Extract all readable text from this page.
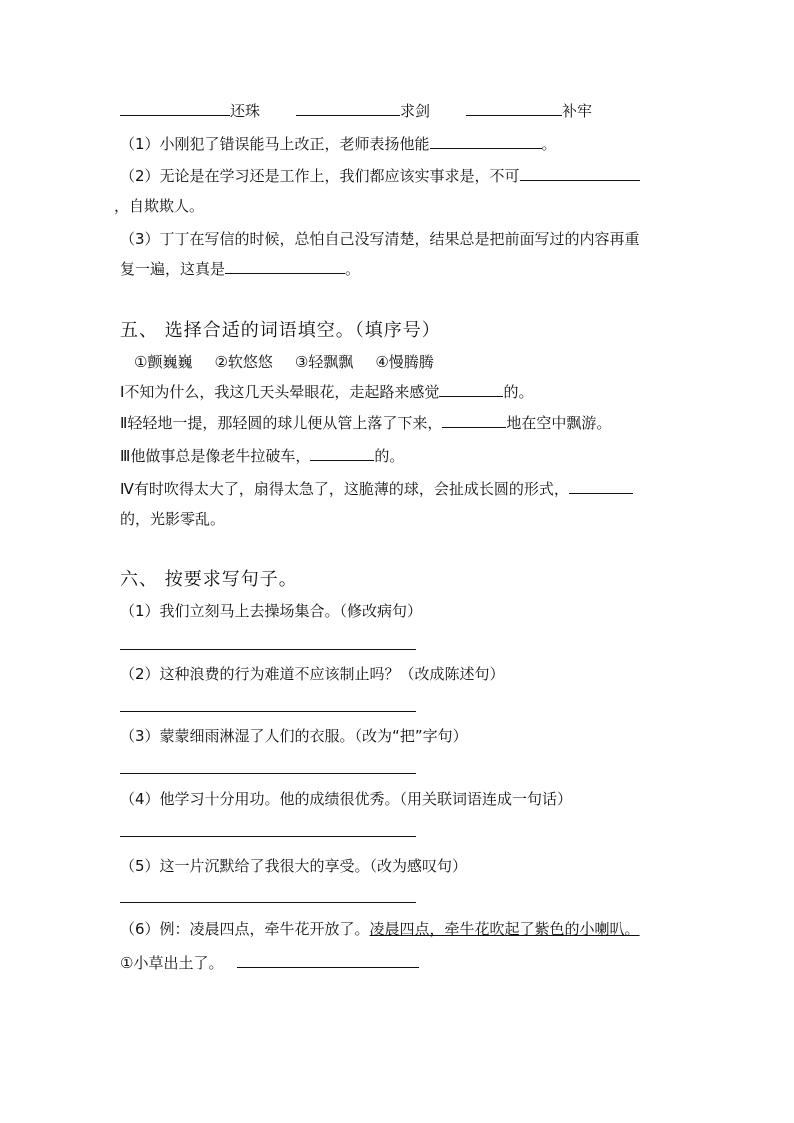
还珠	求剑	补牢
（1）小刚犯了错误能马上改正，老师表扬他能	。
（2）无论是在学习还是工作上，我们都应该实事求是，不可
，自欺欺人。
（3）丁丁在写信的时候，总怕自己没写清楚，结果总是把前面写过的内容再重
复一遍，这真是	。
五、 选择合适的词语填空。（填序号）
①颤巍巍 ②软悠悠 ③轻飘飘 ④慢腾腾
Ⅰ不知为什么，我这几天头晕眼花，走起路来感觉	的。
Ⅱ轻轻地一提，那轻圆的球儿便从管上落了下来，	地在空中飘游。
Ⅲ他做事总是像老牛拉破车，	的。
Ⅳ有时吹得太大了，扇得太急了，这脆薄的球，会扯成长圆的形式，
的，光影零乱。
六、 按要求写句子。
（1）我们立刻马上去操场集合。（修改病句）
（2）这种浪费的行为难道不应该制止吗？（改成陈述句）
（3）蒙蒙细雨淋湿了人们的衣服。（改为“把”字句）
（4）他学习十分用功。他的成绩很优秀。（用关联词语连成一句话）
（5）这一片沉默给了我很大的享受。（改为感叹句）
（6）例：凌晨四点，牵牛花开放了。凌晨四点，牵牛花吹起了紫色的小喇叭。
①小草出土了。
